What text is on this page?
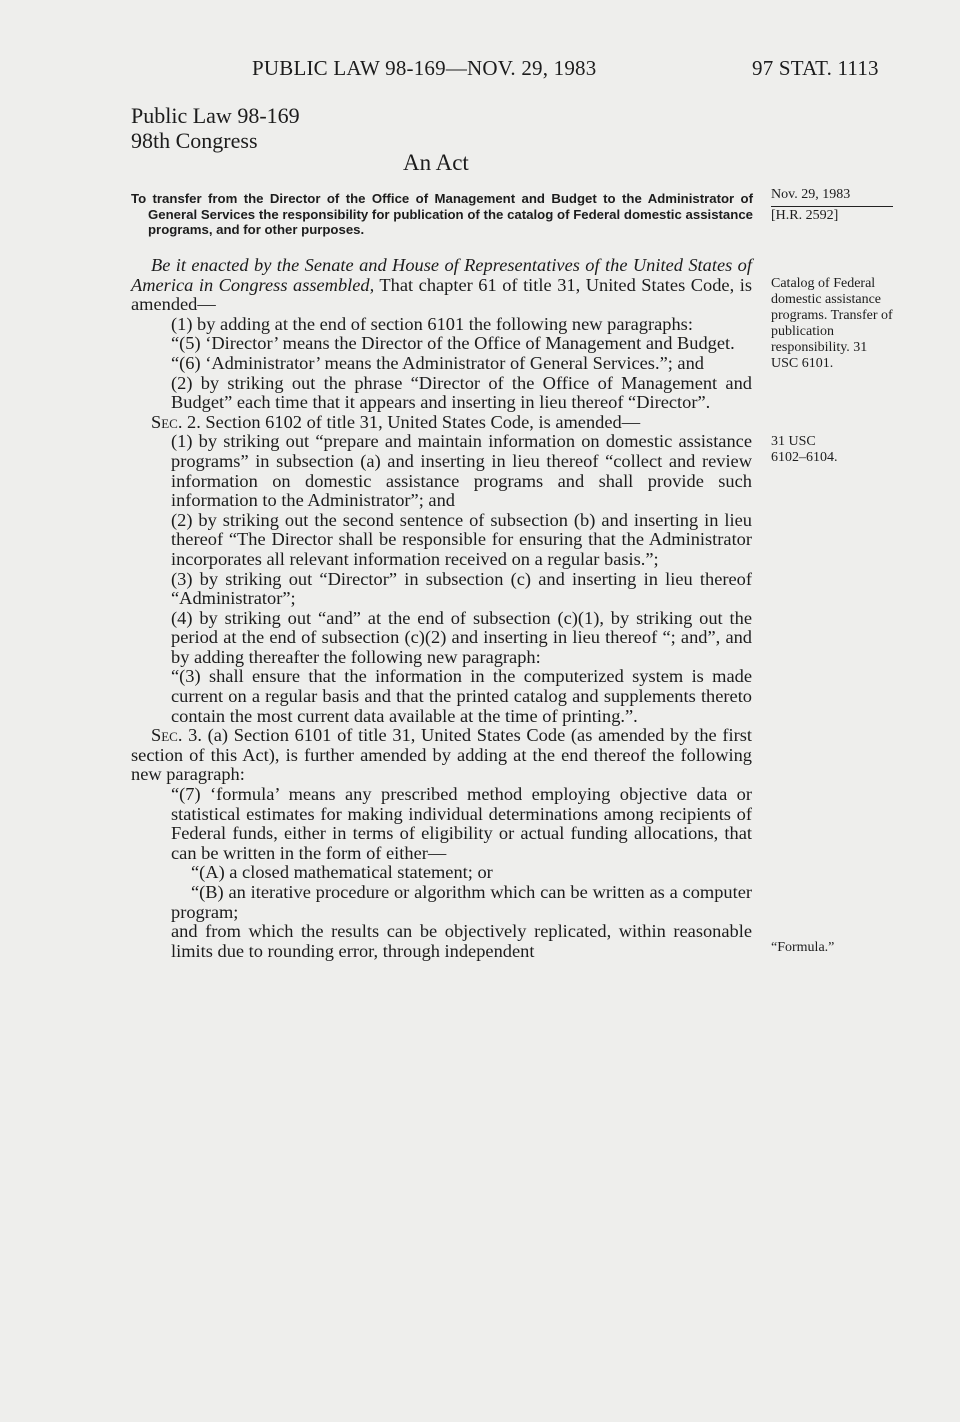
PUBLIC LAW 98-169—NOV. 29, 1983	97 STAT. 1113
Public Law 98-169
98th Congress
An Act
To transfer from the Director of the Office of Management and Budget to the Administrator of General Services the responsibility for publication of the catalog of Federal domestic assistance programs, and for other purposes.
Nov. 29, 1983
[H.R. 2592]
Catalog of Federal domestic assistance programs. Transfer of publication responsibility. 31 USC 6101.
31 USC 6102–6104.
“Formula.”

Be it enacted by the Senate and House of Representatives of the United States of America in Congress assembled, That chapter 61 of title 31, United States Code, is amended—

(1) by adding at the end of section 6101 the following new paragraphs:

“(5) ‘Director’ means the Director of the Office of Management and Budget.

“(6) ‘Administrator’ means the Administrator of General Services.”; and

(2) by striking out the phrase “Director of the Office of Management and Budget” each time that it appears and inserting in lieu thereof “Director”.

Sec. 2. Section 6102 of title 31, United States Code, is amended—

(1) by striking out “prepare and maintain information on domestic assistance programs” in subsection (a) and inserting in lieu thereof “collect and review information on domestic assistance programs and shall provide such information to the Administrator”; and

(2) by striking out the second sentence of subsection (b) and inserting in lieu thereof “The Director shall be responsible for ensuring that the Administrator incorporates all relevant information received on a regular basis.”;

(3) by striking out “Director” in subsection (c) and inserting in lieu thereof “Administrator”;

(4) by striking out “and” at the end of subsection (c)(1), by striking out the period at the end of subsection (c)(2) and inserting in lieu thereof “; and”, and by adding thereafter the following new paragraph:

“(3) shall ensure that the information in the computerized system is made current on a regular basis and that the printed catalog and supplements thereto contain the most current data available at the time of printing.”.

Sec. 3. (a) Section 6101 of title 31, United States Code (as amended by the first section of this Act), is further amended by adding at the end thereof the following new paragraph:

“(7) ‘formula’ means any prescribed method employing objective data or statistical estimates for making individual determinations among recipients of Federal funds, either in terms of eligibility or actual funding allocations, that can be written in the form of either—

“(A) a closed mathematical statement; or

“(B) an iterative procedure or algorithm which can be written as a computer program;

and from which the results can be objectively replicated, within reasonable limits due to rounding error, through independent
